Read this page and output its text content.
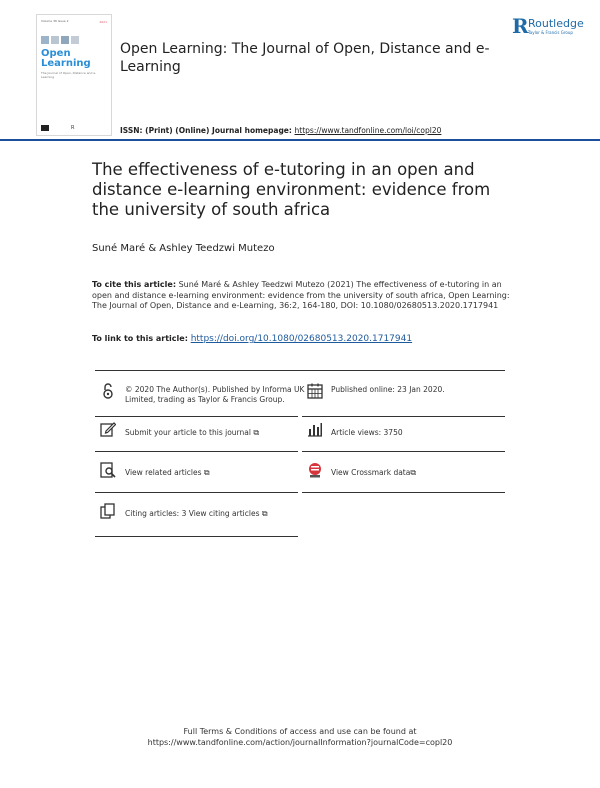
Volume 36 Issue 2	2021
Open
Learning
The Journal of Open, Distance and e-Learning
R
Open Learning: The Journal of Open, Distance and e-Learning
R Routledge
Taylor & Francis Group
ISSN: (Print) (Online) Journal homepage: https://www.tandfonline.com/loi/copl20
The effectiveness of e-tutoring in an open and distance e-learning environment: evidence from the university of south africa
Suné Maré & Ashley Teedzwi Mutezo
To cite this article: Suné Maré & Ashley Teedzwi Mutezo (2021) The effectiveness of e-tutoring in an open and distance e-learning environment: evidence from the university of south africa, Open Learning: The Journal of Open, Distance and e-Learning, 36:2, 164-180, DOI: 10.1080/02680513.2020.1717941
To link to this article: https://doi.org/10.1080/02680513.2020.1717941
© 2020 The Author(s). Published by Informa UK Limited, trading as Taylor & Francis Group.
Published online: 23 Jan 2020.
Submit your article to this journal ⧉	Article views: 3750
View related articles ⧉	View Crossmark data⧉
Citing articles: 3 View citing articles ⧉
Full Terms & Conditions of access and use can be found at
https://www.tandfonline.com/action/journalInformation?journalCode=copl20
